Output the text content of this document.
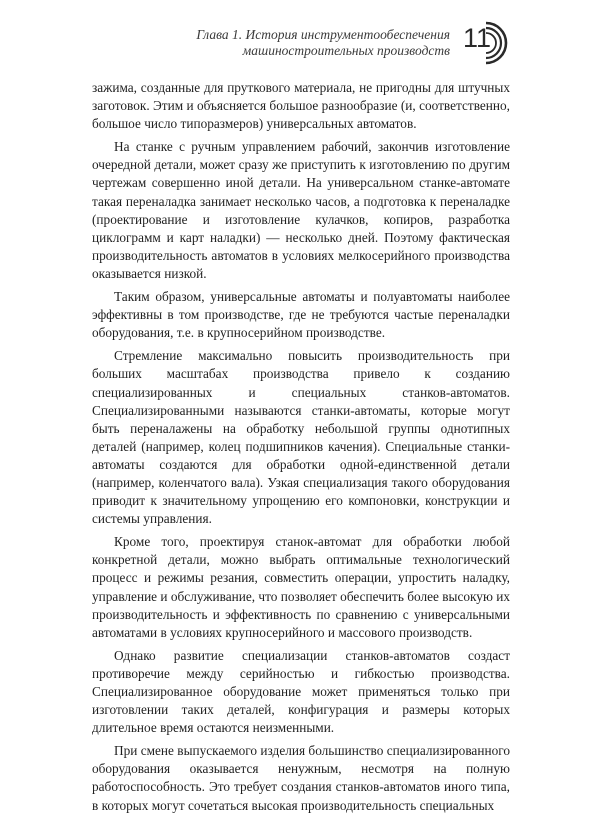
Глава 1. История инструментообеспечения
машиностроительных производств 11

зажима, созданные для пруткового материала, не пригодны для штучных заготовок. Этим и объясняется большое разнообразие (и, соответственно, большое число типоразмеров) универсальных автоматов.

На станке с ручным управлением рабочий, закончив изготовление очередной детали, может сразу же приступить к изготовлению по другим чертежам совершенно иной детали. На универсальном станке-автомате такая переналадка занимает несколько часов, а подготовка к переналадке (проектирование и изготовление кулачков, копиров, разработка циклограмм и карт наладки) — несколько дней. Поэтому фактическая производительность автоматов в условиях мелкосерийного производства оказывается низкой.

Таким образом, универсальные автоматы и полуавтоматы наиболее эффективны в том производстве, где не требуются частые переналадки оборудования, т.е. в крупносерийном производстве.

Стремление максимально повысить производительность при больших масштабах производства привело к созданию специализированных и специальных станков-автоматов. Специализированными называются станки-автоматы, которые могут быть переналажены на обработку небольшой группы однотипных деталей (например, колец подшипников качения). Специальные станки-автоматы создаются для обработки одной-единственной детали (например, коленчатого вала). Узкая специализация такого оборудования приводит к значительному упрощению его компоновки, конструкции и системы управления.

Кроме того, проектируя станок-автомат для обработки любой конкретной детали, можно выбрать оптимальные технологический процесс и режимы резания, совместить операции, упростить наладку, управление и обслуживание, что позволяет обеспечить более высокую их производительность и эффективность по сравнению с универсальными автоматами в условиях крупносерийного и массового производств.

Однако развитие специализации станков-автоматов создаст противоречие между серийностью и гибкостью производства. Специализированное оборудование может применяться только при изготовлении таких деталей, конфигурация и размеры которых длительное время остаются неизменными.

При смене выпускаемого изделия большинство специализированного оборудования оказывается ненужным, несмотря на полную работоспособность. Это требует создания станков-автоматов иного типа, в которых могут сочетаться высокая производительность специальных
